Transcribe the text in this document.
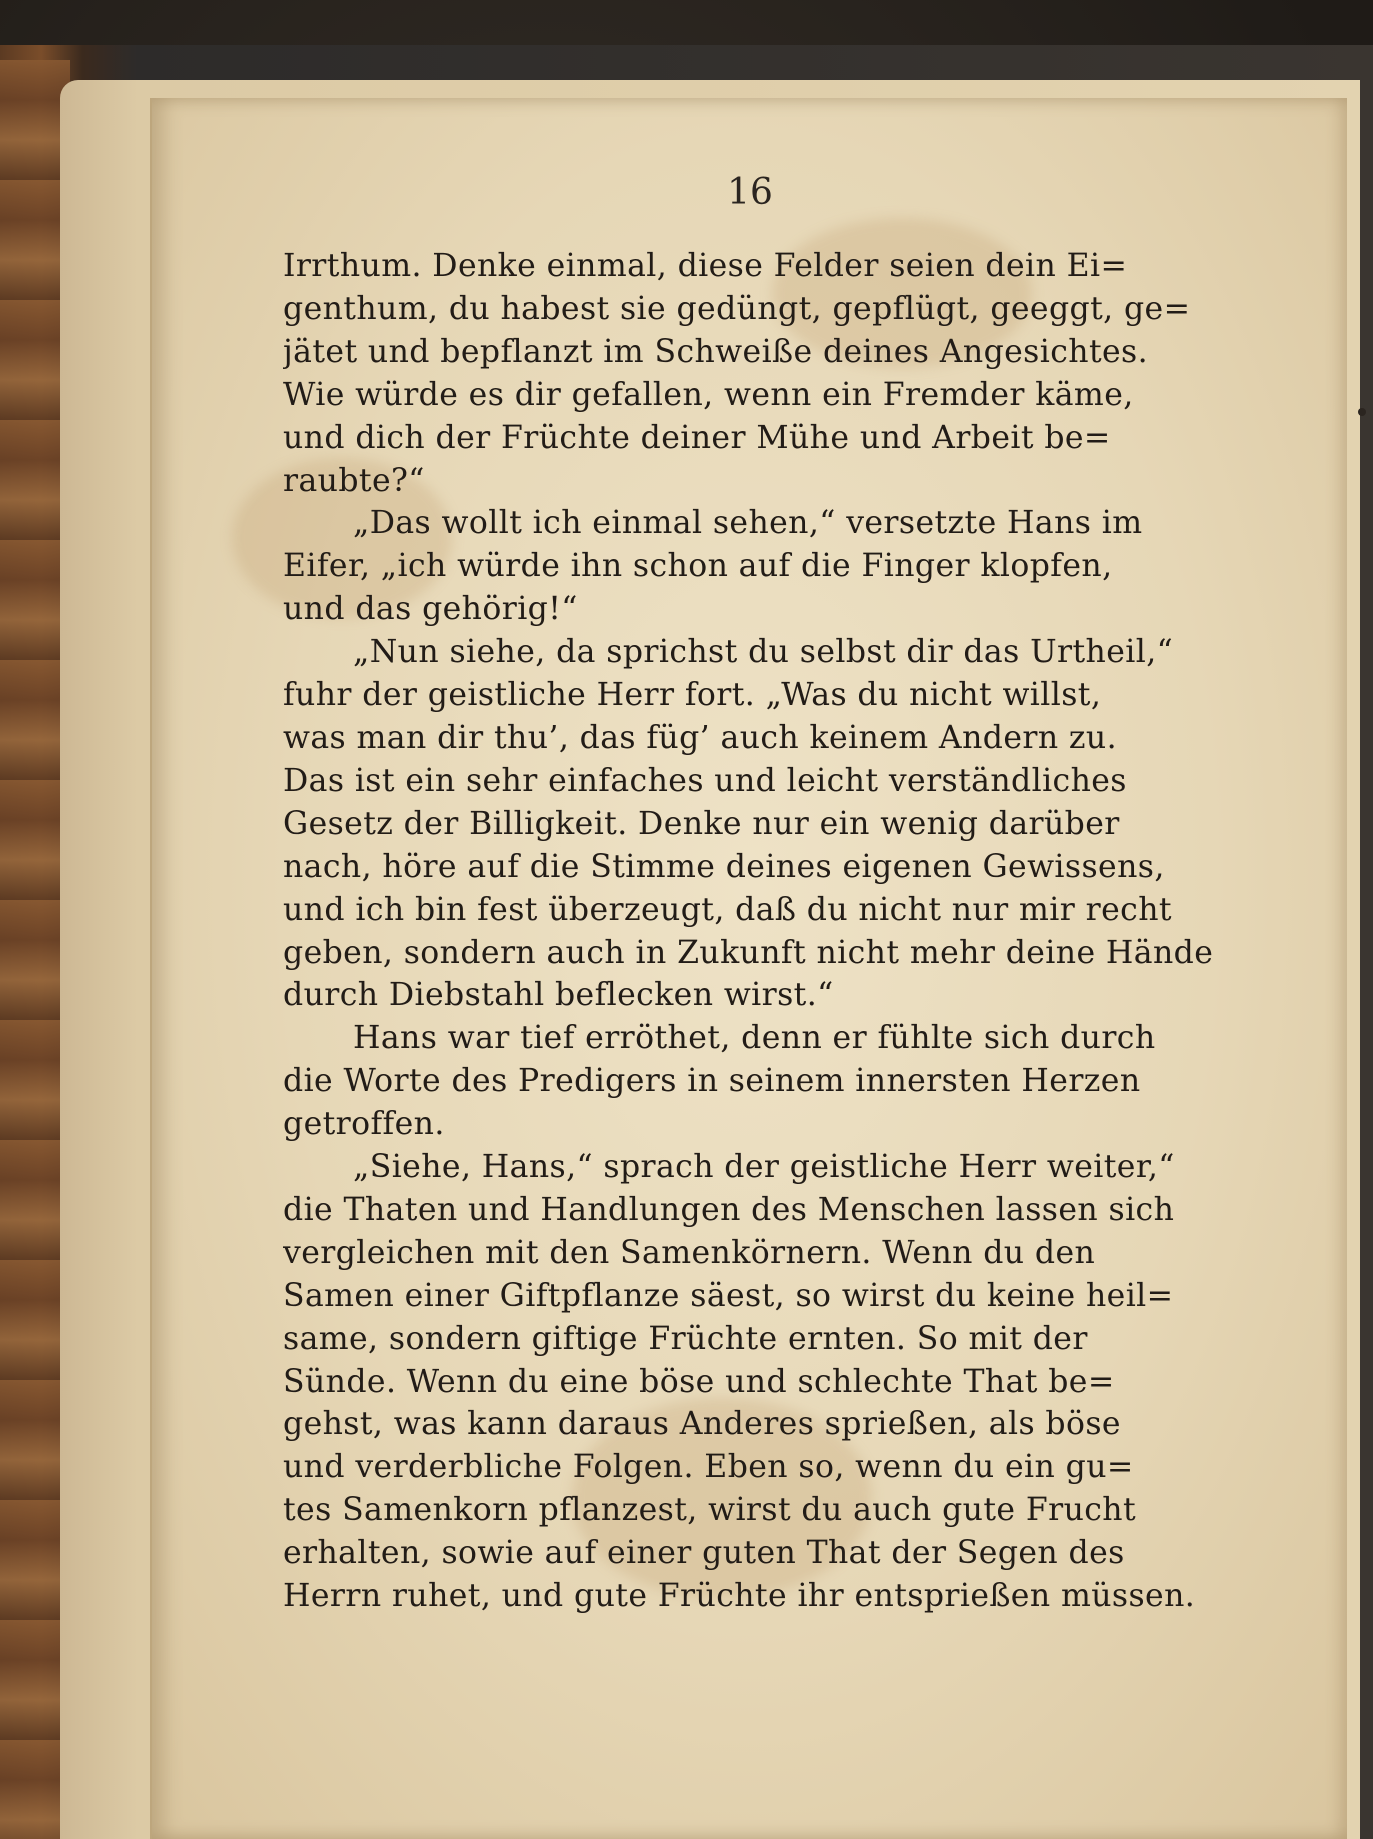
16
Irrthum. Denke einmal, diese Felder seien dein Ei=
genthum, du habest sie gedüngt, gepflügt, geeggt, ge=
jätet und bepflanzt im Schweiße deines Angesichtes.
Wie würde es dir gefallen, wenn ein Fremder käme,
und dich der Früchte deiner Mühe und Arbeit be=
raubte?“
„Das wollt ich einmal sehen,“ versetzte Hans im
Eifer, „ich würde ihn schon auf die Finger klopfen,
und das gehörig!“
„Nun siehe, da sprichst du selbst dir das Urtheil,“
fuhr der geistliche Herr fort. „Was du nicht willst,
was man dir thu’, das füg’ auch keinem Andern zu.
Das ist ein sehr einfaches und leicht verständliches
Gesetz der Billigkeit. Denke nur ein wenig darüber
nach, höre auf die Stimme deines eigenen Gewissens,
und ich bin fest überzeugt, daß du nicht nur mir recht
geben, sondern auch in Zukunft nicht mehr deine Hände
durch Diebstahl beflecken wirst.“
Hans war tief erröthet, denn er fühlte sich durch
die Worte des Predigers in seinem innersten Herzen
getroffen.
„Siehe, Hans,“ sprach der geistliche Herr weiter,“
die Thaten und Handlungen des Menschen lassen sich
vergleichen mit den Samenkörnern. Wenn du den
Samen einer Giftpflanze säest, so wirst du keine heil=
same, sondern giftige Früchte ernten. So mit der
Sünde. Wenn du eine böse und schlechte That be=
gehst, was kann daraus Anderes sprießen, als böse
und verderbliche Folgen. Eben so, wenn du ein gu=
tes Samenkorn pflanzest, wirst du auch gute Frucht
erhalten, sowie auf einer guten That der Segen des
Herrn ruhet, und gute Früchte ihr entsprießen müssen.
